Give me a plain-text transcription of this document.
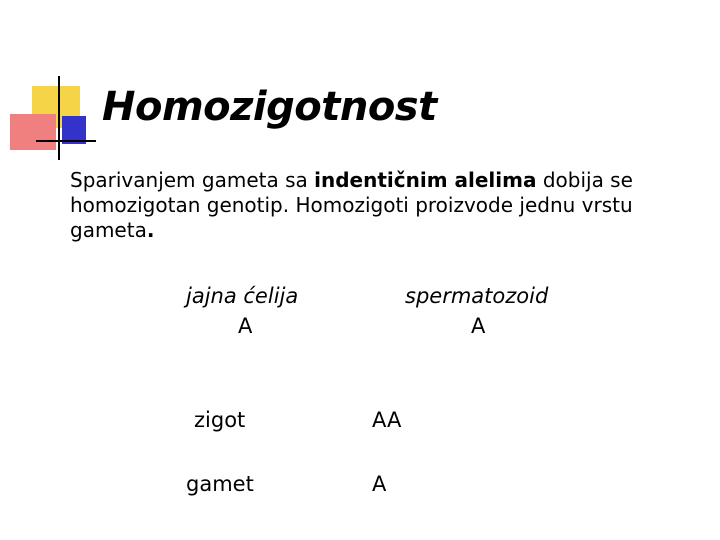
Homozigotnost
Sparivanjem gameta sa indentičnim alelima dobija se homozigotan genotip. Homozigoti proizvode jednu vrstu gameta.
jajna ćelija
A
spermatozoid
A
zigot	AA
gamet	A
